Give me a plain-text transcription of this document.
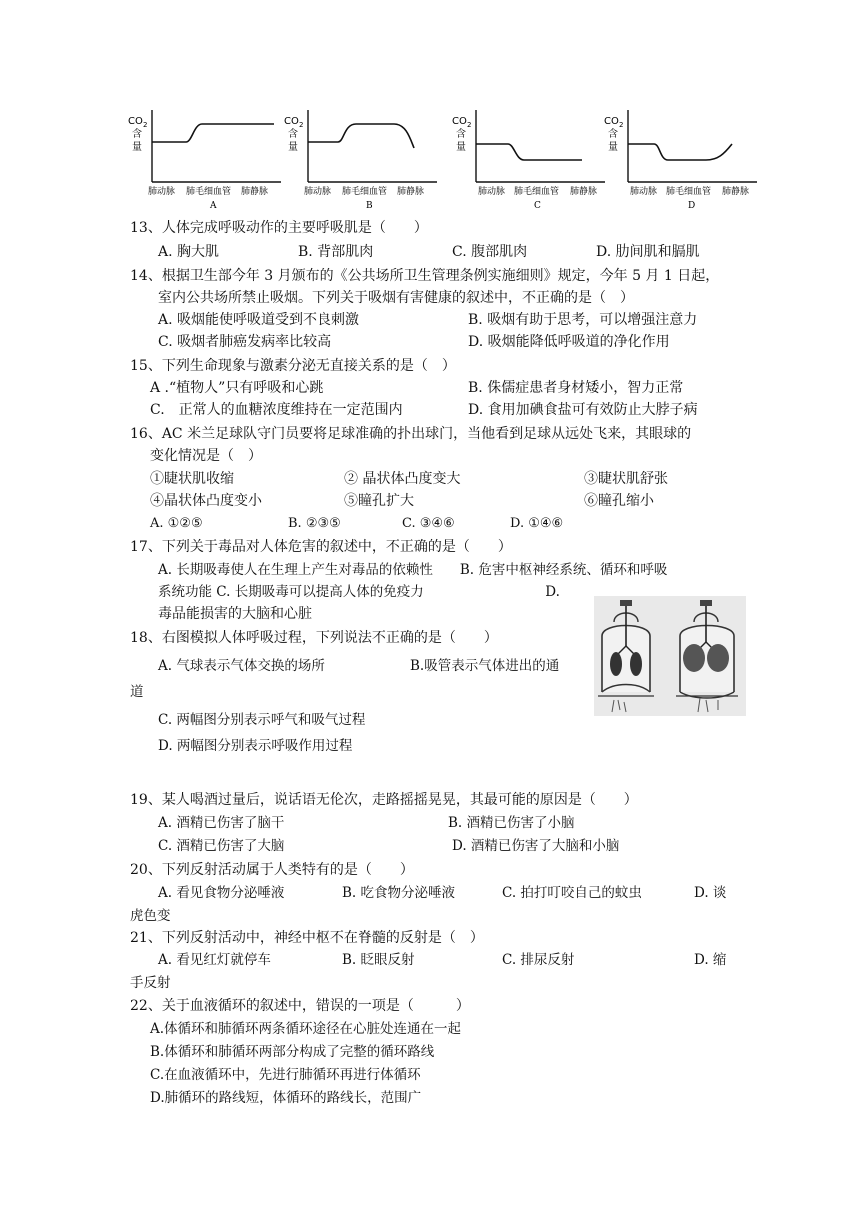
CO 2
含
量
肺动脉 肺毛细血管 肺静脉
A
CO 2
含
量
肺动脉 肺毛细血管 肺静脉
B
CO 2
含
量
肺动脉 肺毛细血管 肺静脉
C
CO 2
含
量
肺动脉 肺毛细血管 肺静脉
D
13、人体完成呼吸动作的主要呼吸肌是（　　）
A. 胸大肌	B. 背部肌肉	C. 腹部肌肉	D. 肋间肌和膈肌
14、根据卫生部今年 3 月颁布的《公共场所卫生管理条例实施细则》规定，今年 5 月 1 日起，
室内公共场所禁止吸烟。下列关于吸烟有害健康的叙述中，不正确的是（　）
A. 吸烟能使呼吸道受到不良刺激	B. 吸烟有助于思考，可以增强注意力
C. 吸烟者肺癌发病率比较高	D. 吸烟能降低呼吸道的净化作用
15、下列生命现象与激素分泌无直接关系的是（　）
A .“植物人”只有呼吸和心跳	B. 侏儒症患者身材矮小，智力正常
C.　正常人的血糖浓度维持在一定范围内	D. 食用加碘食盐可有效防止大脖子病
16、AC 米兰足球队守门员要将足球准确的扑出球门，当他看到足球从远处飞来，其眼球的
变化情况是（　）
①睫状肌收缩	② 晶状体凸度变大	③睫状肌舒张
④晶状体凸度变小	⑤瞳孔扩大	⑥瞳孔缩小
A. ①②⑤	B. ②③⑤	C. ③④⑥	D. ①④⑥
17、下列关于毒品对人体危害的叙述中，不正确的是（　　）
A. 长期吸毒使人在生理上产生对毒品的依赖性　　B. 危害中枢神经系统、循环和呼吸
系统功能 C. 长期吸毒可以提高人体的免疫力　　　　　　　　　D.
毒品能损害的大脑和心脏
18、右图模拟人体呼吸过程，下列说法不正确的是（　　）
A. 气球表示气体交换的场所	B.吸管表示气体进出的通
道
C. 两幅图分别表示呼气和吸气过程
D. 两幅图分别表示呼吸作用过程
19、某人喝酒过量后，说话语无伦次，走路摇摇晃晃，其最可能的原因是（　　）
A. 酒精已伤害了脑干	B. 酒精已伤害了小脑
C. 酒精已伤害了大脑	D. 酒精已伤害了大脑和小脑
20、下列反射活动属于人类特有的是（　　）
A. 看见食物分泌唾液	B. 吃食物分泌唾液	C. 拍打叮咬自己的蚊虫	D. 谈
虎色变
21、下列反射活动中，神经中枢不在脊髓的反射是（　）
A. 看见红灯就停车	B. 眨眼反射	C. 排尿反射	D. 缩
手反射
22、关于血液循环的叙述中，错误的一项是（　　　）
A.体循环和肺循环两条循环途径在心脏处连通在一起
B.体循环和肺循环两部分构成了完整的循环路线
C.在血液循环中，先进行肺循环再进行体循环
D.肺循环的路线短，体循环的路线长，范围广
